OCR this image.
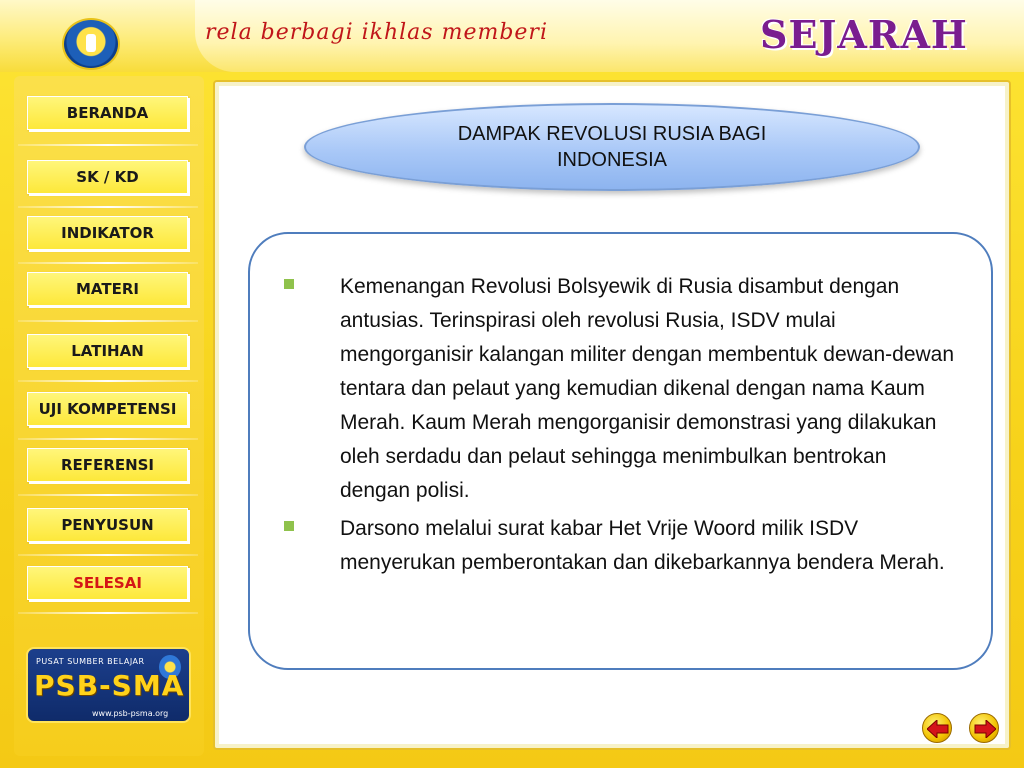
rela berbagi ikhlas memberi	SEJARAH
BERANDA
SK / KD
INDIKATOR
MATERI
LATIHAN
UJI KOMPETENSI
REFERENSI
PENYUSUN
SELESAI
PUSAT SUMBER BELAJAR
PSB-SMA
www.psb-psma.org
DAMPAK REVOLUSI RUSIA BAGI INDONESIA
Kemenangan Revolusi Bolsyewik di Rusia disambut dengan antusias. Terinspirasi oleh revolusi Rusia, ISDV mulai mengorganisir kalangan militer dengan membentuk dewan-dewan tentara dan pelaut yang kemudian dikenal dengan nama Kaum Merah. Kaum Merah mengorganisir demonstrasi yang dilakukan oleh serdadu dan pelaut sehingga menimbulkan bentrokan dengan polisi.
Darsono melalui surat kabar Het Vrije Woord milik ISDV menyerukan pemberontakan dan dikebarkannya bendera Merah.
